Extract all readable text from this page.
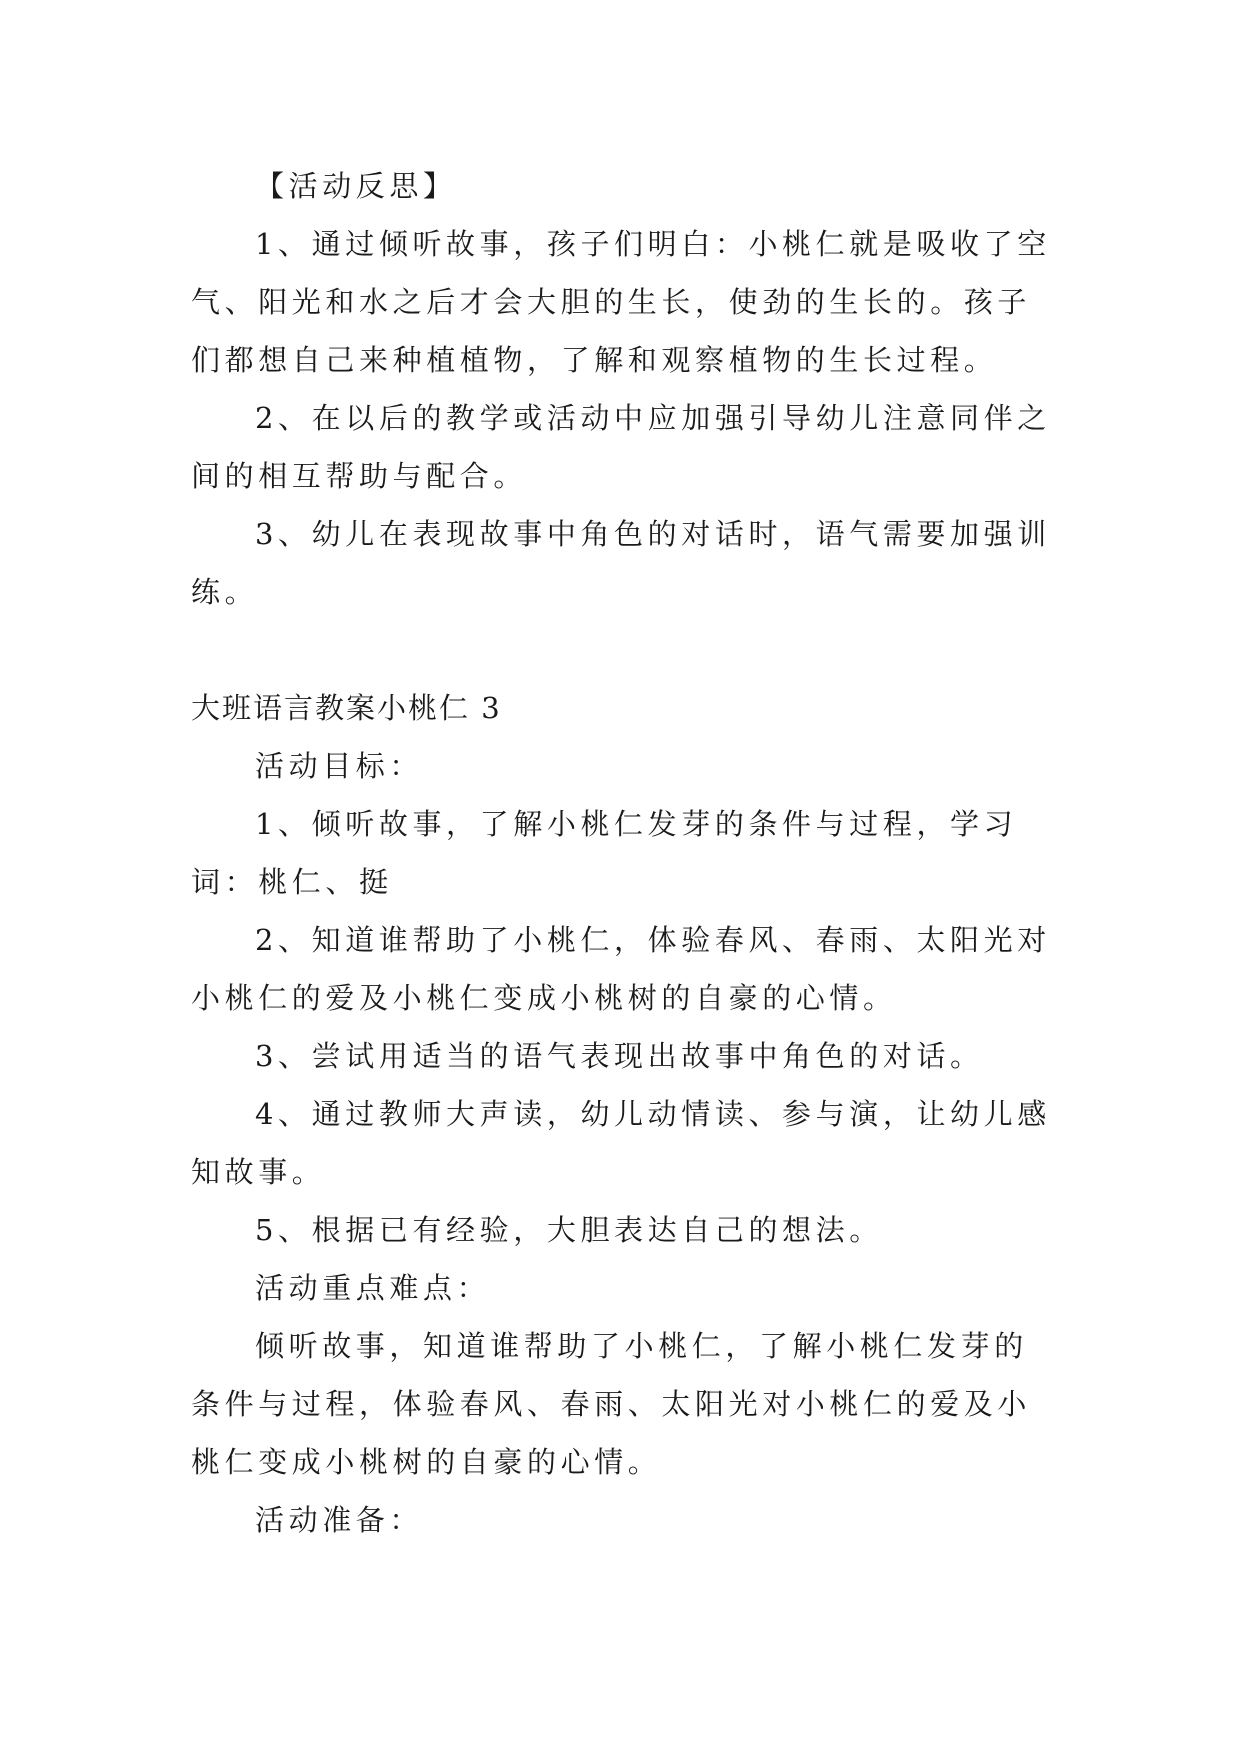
【活动反思】

1、通过倾听故事，孩子们明白：小桃仁就是吸收了空气、阳光和水之后才会大胆的生长，使劲的生长的。孩子们都想自己来种植植物，了解和观察植物的生长过程。

2、在以后的教学或活动中应加强引导幼儿注意同伴之间的相互帮助与配合。

3、幼儿在表现故事中角色的对话时，语气需要加强训练。

大班语言教案小桃仁 3

活动目标：

1、倾听故事，了解小桃仁发芽的条件与过程，学习词：桃仁、挺

2、知道谁帮助了小桃仁，体验春风、春雨、太阳光对小桃仁的爱及小桃仁变成小桃树的自豪的心情。

3、尝试用适当的语气表现出故事中角色的对话。

4、通过教师大声读，幼儿动情读、参与演，让幼儿感知故事。

5、根据已有经验，大胆表达自己的想法。

活动重点难点：

倾听故事，知道谁帮助了小桃仁，了解小桃仁发芽的条件与过程，体验春风、春雨、太阳光对小桃仁的爱及小桃仁变成小桃树的自豪的心情。

活动准备：
